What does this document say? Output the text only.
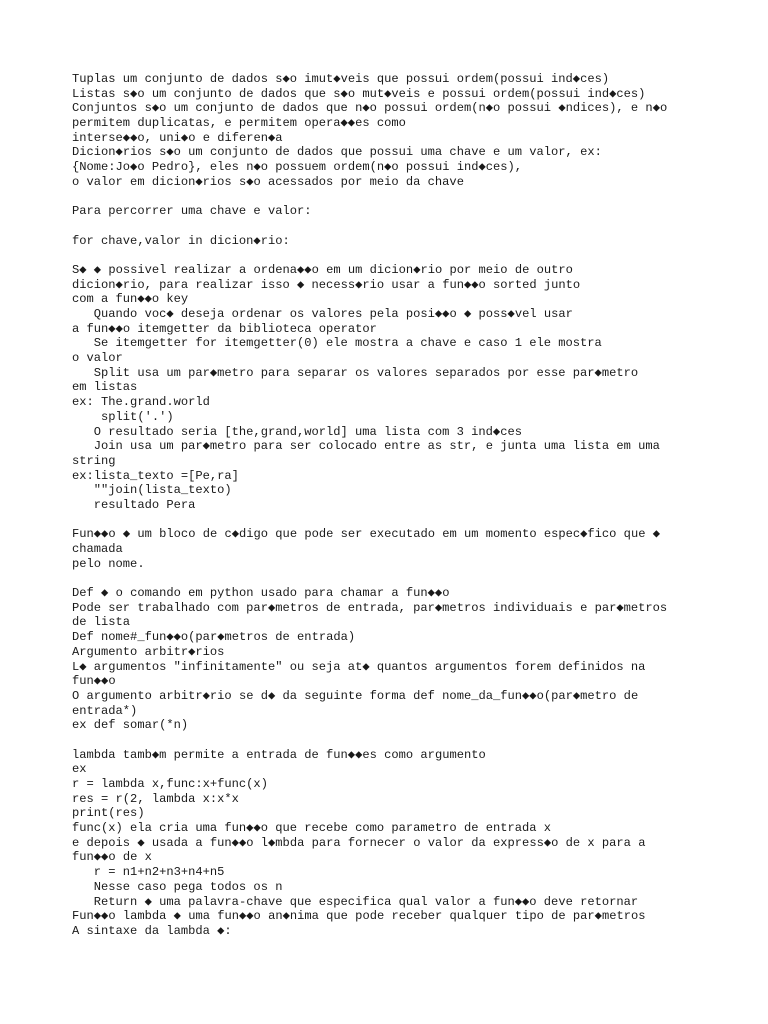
Tuplas um conjunto de dados s◆o imut◆veis que possui ordem(possui ind◆ces)
Listas s◆o um conjunto de dados que s◆o mut◆veis e possui ordem(possui ind◆ces)
Conjuntos s◆o um conjunto de dados que n◆o possui ordem(n◆o possui ◆ndices), e n◆o
permitem duplicatas, e permitem opera◆◆es como
interse◆◆o, uni◆o e diferen◆a
Dicion◆rios s◆o um conjunto de dados que possui uma chave e um valor, ex:
{Nome:Jo◆o Pedro}, eles n◆o possuem ordem(n◆o possui ind◆ces),
o valor em dicion◆rios s◆o acessados por meio da chave
Para percorrer uma chave e valor:
for chave,valor in dicion◆rio:
S◆ ◆ possivel realizar a ordena◆◆o em um dicion◆rio por meio de outro
dicion◆rio, para realizar isso ◆ necess◆rio usar a fun◆◆o sorted junto
com a fun◆◆o key
Quando voc◆ deseja ordenar os valores pela posi◆◆o ◆ poss◆vel usar
a fun◆◆o itemgetter da biblioteca operator
Se itemgetter for itemgetter(0) ele mostra a chave e caso 1 ele mostra
o valor
Split usa um par◆metro para separar os valores separados por esse par◆metro
em listas
ex: The.grand.world
split('.')
O resultado seria [the,grand,world] uma lista com 3 ind◆ces
Join usa um par◆metro para ser colocado entre as str, e junta uma lista em uma
string
ex:lista_texto =[Pe,ra]
""join(lista_texto)
resultado Pera
Fun◆◆o ◆ um bloco de c◆digo que pode ser executado em um momento espec◆fico que ◆
chamada
pelo nome.
Def ◆ o comando em python usado para chamar a fun◆◆o
Pode ser trabalhado com par◆metros de entrada, par◆metros individuais e par◆metros
de lista
Def nome#_fun◆◆o(par◆metros de entrada)
Argumento arbitr◆rios
L◆ argumentos "infinitamente" ou seja at◆ quantos argumentos forem definidos na
fun◆◆o
O argumento arbitr◆rio se d◆ da seguinte forma def nome_da_fun◆◆o(par◆metro de
entrada*)
ex def somar(*n)
lambda tamb◆m permite a entrada de fun◆◆es como argumento
ex
r = lambda x,func:x+func(x)
res = r(2, lambda x:x*x
print(res)
func(x) ela cria uma fun◆◆o que recebe como parametro de entrada x
e depois ◆ usada a fun◆◆o l◆mbda para fornecer o valor da express◆o de x para a
fun◆◆o de x
r = n1+n2+n3+n4+n5
Nesse caso pega todos os n
Return ◆ uma palavra-chave que especifica qual valor a fun◆◆o deve retornar
Fun◆◆o lambda ◆ uma fun◆◆o an◆nima que pode receber qualquer tipo de par◆metros
A sintaxe da lambda ◆:
